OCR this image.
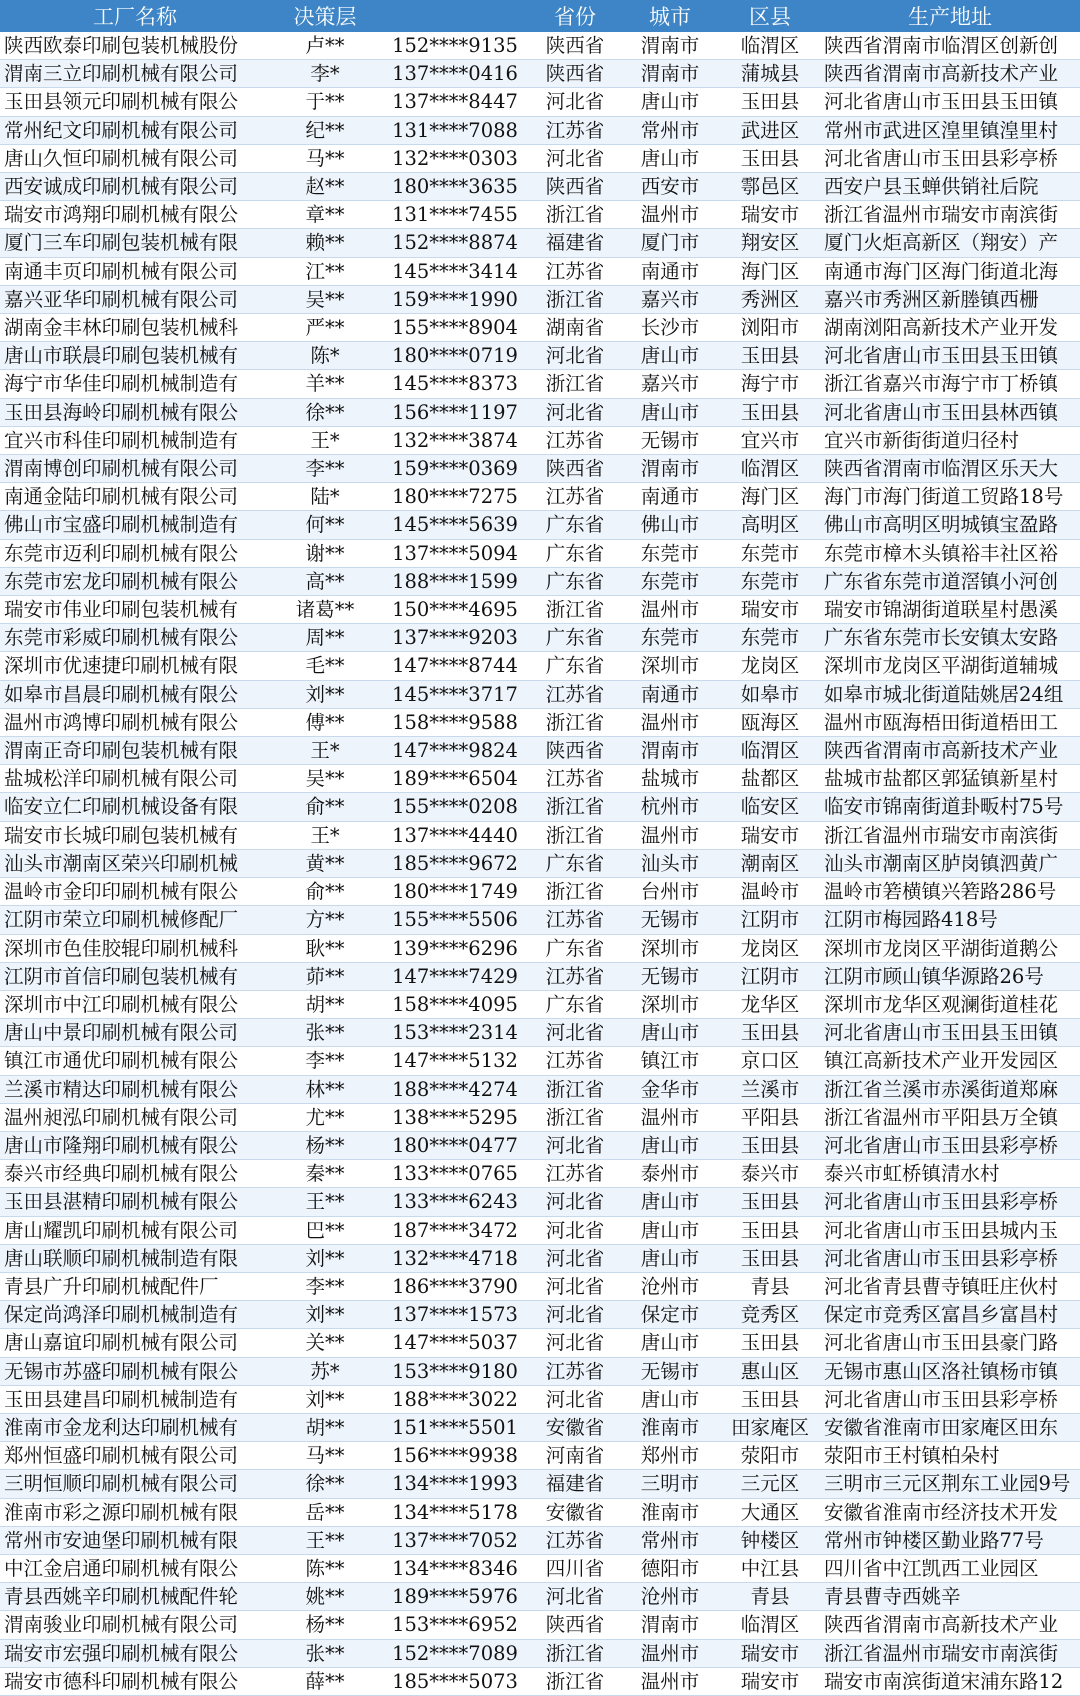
工厂名称	决策层		省份	城市	区县	生产地址
陕西欧泰印刷包装机械股份	卢**	152****9135	陕西省	渭南市	临渭区	陕西省渭南市临渭区创新创
渭南三立印刷机械有限公司	李*	137****0416	陕西省	渭南市	蒲城县	陕西省渭南市高新技术产业
玉田县领元印刷机械有限公	于**	137****8447	河北省	唐山市	玉田县	河北省唐山市玉田县玉田镇
常州纪文印刷机械有限公司	纪**	131****7088	江苏省	常州市	武进区	常州市武进区湟里镇湟里村
唐山久恒印刷机械有限公司	马**	132****0303	河北省	唐山市	玉田县	河北省唐山市玉田县彩亭桥
西安诚成印刷机械有限公司	赵**	180****3635	陕西省	西安市	鄠邑区	西安户县玉蝉供销社后院
瑞安市鸿翔印刷机械有限公	章**	131****7455	浙江省	温州市	瑞安市	浙江省温州市瑞安市南滨街
厦门三车印刷包装机械有限	赖**	152****8874	福建省	厦门市	翔安区	厦门火炬高新区（翔安）产
南通丰页印刷机械有限公司	江**	145****3414	江苏省	南通市	海门区	南通市海门区海门街道北海
嘉兴亚华印刷机械有限公司	吴**	159****1990	浙江省	嘉兴市	秀洲区	嘉兴市秀洲区新塍镇西栅
湖南金丰林印刷包装机械科	严**	155****8904	湖南省	长沙市	浏阳市	湖南浏阳高新技术产业开发
唐山市联晨印刷包装机械有	陈*	180****0719	河北省	唐山市	玉田县	河北省唐山市玉田县玉田镇
海宁市华佳印刷机械制造有	羊**	145****8373	浙江省	嘉兴市	海宁市	浙江省嘉兴市海宁市丁桥镇
玉田县海岭印刷机械有限公	徐**	156****1197	河北省	唐山市	玉田县	河北省唐山市玉田县林西镇
宜兴市科佳印刷机械制造有	王*	132****3874	江苏省	无锡市	宜兴市	宜兴市新街街道归径村
渭南博创印刷机械有限公司	李**	159****0369	陕西省	渭南市	临渭区	陕西省渭南市临渭区乐天大
南通金陆印刷机械有限公司	陆*	180****7275	江苏省	南通市	海门区	海门市海门街道工贸路18号
佛山市宝盛印刷机械制造有	何**	145****5639	广东省	佛山市	高明区	佛山市高明区明城镇宝盈路
东莞市迈利印刷机械有限公	谢**	137****5094	广东省	东莞市	东莞市	东莞市樟木头镇裕丰社区裕
东莞市宏龙印刷机械有限公	高**	188****1599	广东省	东莞市	东莞市	广东省东莞市道滘镇小河创
瑞安市伟业印刷包装机械有	诸葛**	150****4695	浙江省	温州市	瑞安市	瑞安市锦湖街道联星村愚溪
东莞市彩威印刷机械有限公	周**	137****9203	广东省	东莞市	东莞市	广东省东莞市长安镇太安路
深圳市优速捷印刷机械有限	毛**	147****8744	广东省	深圳市	龙岗区	深圳市龙岗区平湖街道辅城
如皋市昌晨印刷机械有限公	刘**	145****3717	江苏省	南通市	如皋市	如皋市城北街道陆姚居24组
温州市鸿博印刷机械有限公	傅**	158****9588	浙江省	温州市	瓯海区	温州市瓯海梧田街道梧田工
渭南正奇印刷包装机械有限	王*	147****9824	陕西省	渭南市	临渭区	陕西省渭南市高新技术产业
盐城松洋印刷机械有限公司	吴**	189****6504	江苏省	盐城市	盐都区	盐城市盐都区郭猛镇新星村
临安立仁印刷机械设备有限	俞**	155****0208	浙江省	杭州市	临安区	临安市锦南街道卦畈村75号
瑞安市长城印刷包装机械有	王*	137****4440	浙江省	温州市	瑞安市	浙江省温州市瑞安市南滨街
汕头市潮南区荣兴印刷机械	黄**	185****9672	广东省	汕头市	潮南区	汕头市潮南区胪岗镇泗黄广
温岭市金印印刷机械有限公	俞**	180****1749	浙江省	台州市	温岭市	温岭市箬横镇兴箬路286号
江阴市荣立印刷机械修配厂	方**	155****5506	江苏省	无锡市	江阴市	江阴市梅园路418号
深圳市色佳胶辊印刷机械科	耿**	139****6296	广东省	深圳市	龙岗区	深圳市龙岗区平湖街道鹅公
江阴市首信印刷包装机械有	茆**	147****7429	江苏省	无锡市	江阴市	江阴市顾山镇华源路26号
深圳市中江印刷机械有限公	胡**	158****4095	广东省	深圳市	龙华区	深圳市龙华区观澜街道桂花
唐山中景印刷机械有限公司	张**	153****2314	河北省	唐山市	玉田县	河北省唐山市玉田县玉田镇
镇江市通优印刷机械有限公	李**	147****5132	江苏省	镇江市	京口区	镇江高新技术产业开发园区
兰溪市精达印刷机械有限公	林**	188****4274	浙江省	金华市	兰溪市	浙江省兰溪市赤溪街道郑麻
温州昶泓印刷机械有限公司	尤**	138****5295	浙江省	温州市	平阳县	浙江省温州市平阳县万全镇
唐山市隆翔印刷机械有限公	杨**	180****0477	河北省	唐山市	玉田县	河北省唐山市玉田县彩亭桥
泰兴市经典印刷机械有限公	秦**	133****0765	江苏省	泰州市	泰兴市	泰兴市虹桥镇清水村
玉田县湛精印刷机械有限公	王**	133****6243	河北省	唐山市	玉田县	河北省唐山市玉田县彩亭桥
唐山耀凯印刷机械有限公司	巴**	187****3472	河北省	唐山市	玉田县	河北省唐山市玉田县城内玉
唐山联顺印刷机械制造有限	刘**	132****4718	河北省	唐山市	玉田县	河北省唐山市玉田县彩亭桥
青县广升印刷机械配件厂	李**	186****3790	河北省	沧州市	青县	河北省青县曹寺镇旺庄伙村
保定尚鸿泽印刷机械制造有	刘**	137****1573	河北省	保定市	竞秀区	保定市竞秀区富昌乡富昌村
唐山嘉谊印刷机械有限公司	关**	147****5037	河北省	唐山市	玉田县	河北省唐山市玉田县豪门路
无锡市苏盛印刷机械有限公	苏*	153****9180	江苏省	无锡市	惠山区	无锡市惠山区洛社镇杨市镇
玉田县建昌印刷机械制造有	刘**	188****3022	河北省	唐山市	玉田县	河北省唐山市玉田县彩亭桥
淮南市金龙利达印刷机械有	胡**	151****5501	安徽省	淮南市	田家庵区	安徽省淮南市田家庵区田东
郑州恒盛印刷机械有限公司	马**	156****9938	河南省	郑州市	荥阳市	荥阳市王村镇柏朵村
三明恒顺印刷机械有限公司	徐**	134****1993	福建省	三明市	三元区	三明市三元区荆东工业园9号
淮南市彩之源印刷机械有限	岳**	134****5178	安徽省	淮南市	大通区	安徽省淮南市经济技术开发
常州市安迪堡印刷机械有限	王**	137****7052	江苏省	常州市	钟楼区	常州市钟楼区勤业路77号
中江金启通印刷机械有限公	陈**	134****8346	四川省	德阳市	中江县	四川省中江凯西工业园区
青县西姚辛印刷机械配件轮	姚**	189****5976	河北省	沧州市	青县	青县曹寺西姚辛
渭南骏业印刷机械有限公司	杨**	153****6952	陕西省	渭南市	临渭区	陕西省渭南市高新技术产业
瑞安市宏强印刷机械有限公	张**	152****7089	浙江省	温州市	瑞安市	浙江省温州市瑞安市南滨街
瑞安市德科印刷机械有限公	薛**	185****5073	浙江省	温州市	瑞安市	瑞安市南滨街道宋浦东路12
